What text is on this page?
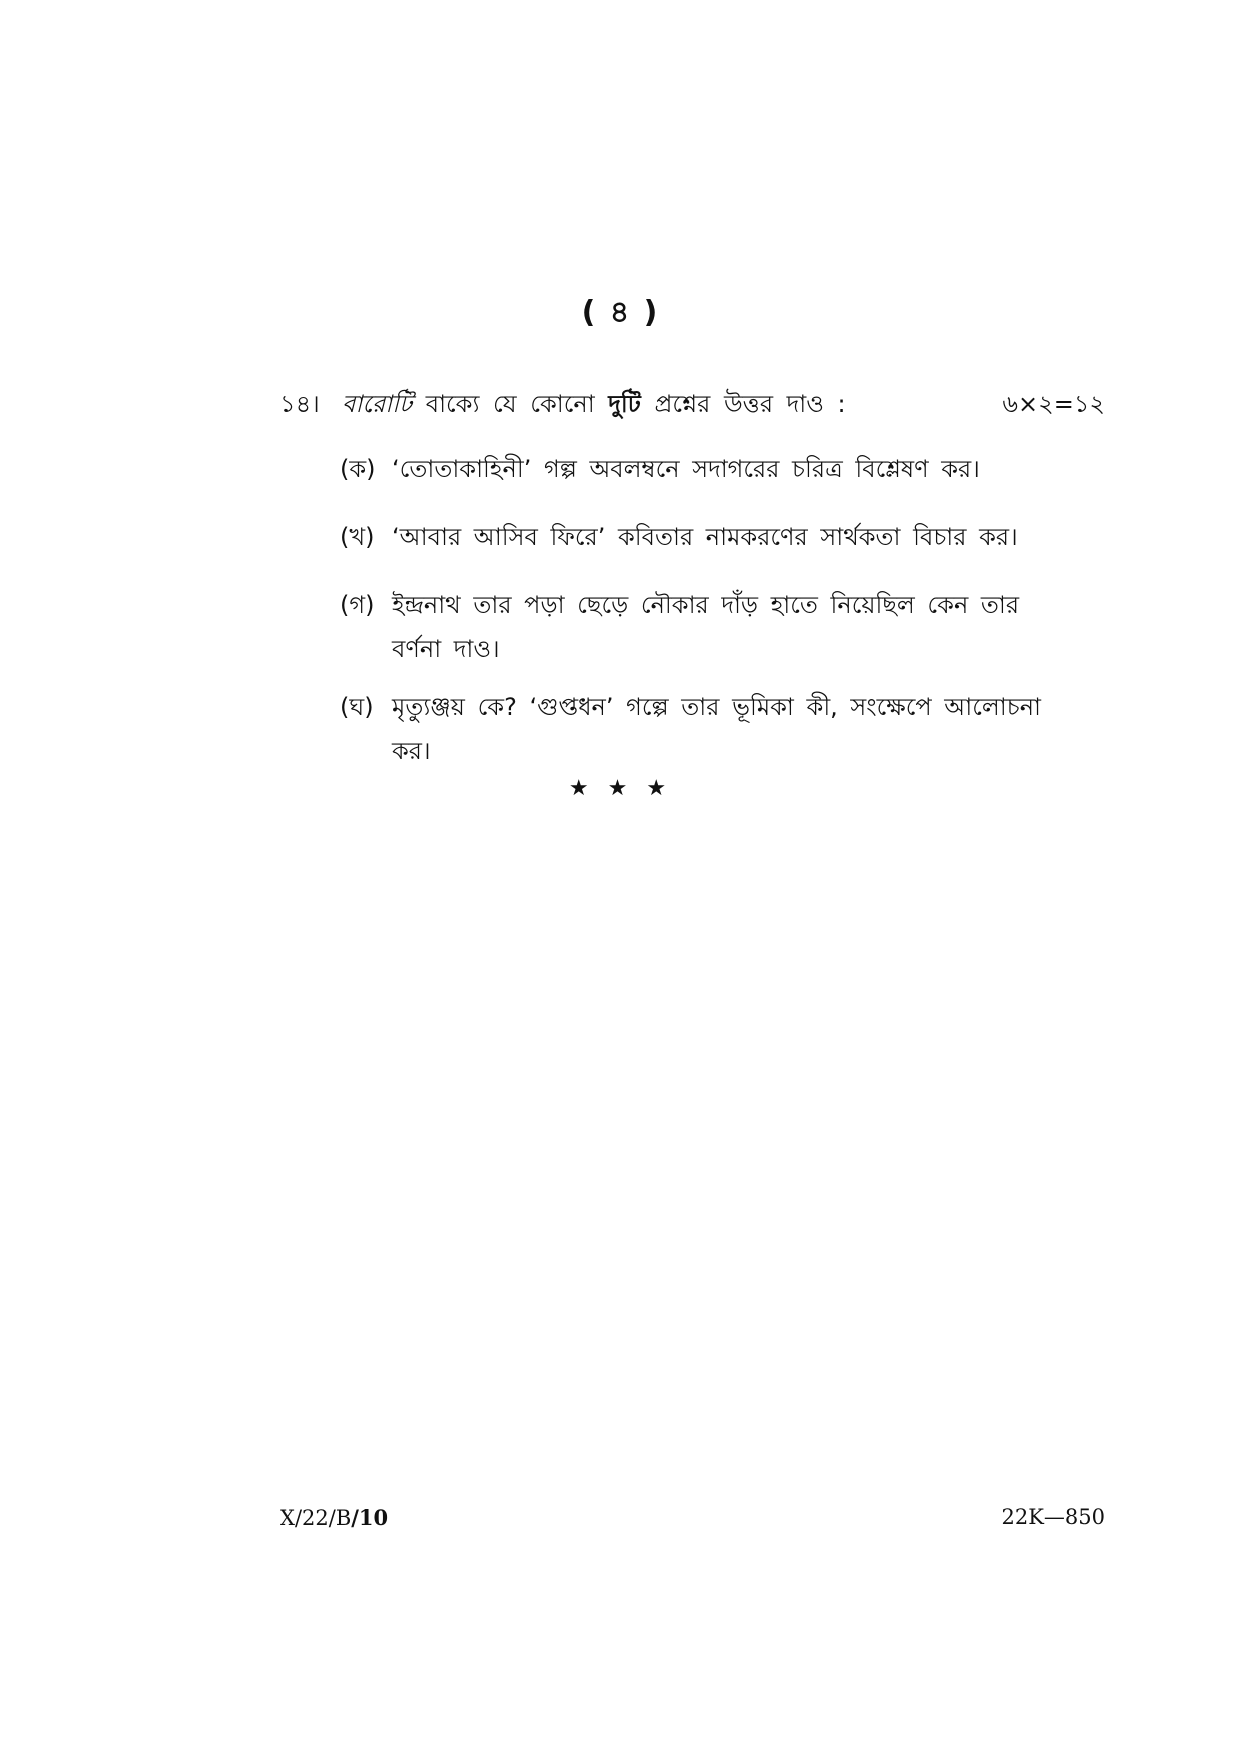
( ৪ )
১৪। বারোটি বাক্যে যে কোনো দুটি প্রশ্নের উত্তর দাও :	৬×২=১২
(ক) ‘তোতাকাহিনী’ গল্প অবলম্বনে সদাগরের চরিত্র বিশ্লেষণ কর।
(খ) ‘আবার আসিব ফিরে’ কবিতার নামকরণের সার্থকতা বিচার কর।
(গ) ইন্দ্রনাথ তার পড়া ছেড়ে নৌকার দাঁড় হাতে নিয়েছিল কেন তার বর্ণনা দাও।
(ঘ) মৃত্যুঞ্জয় কে? ‘গুপ্তধন’ গল্পে তার ভূমিকা কী, সংক্ষেপে আলোচনা কর।
★ ★ ★
X/22/B/10	22K—850
